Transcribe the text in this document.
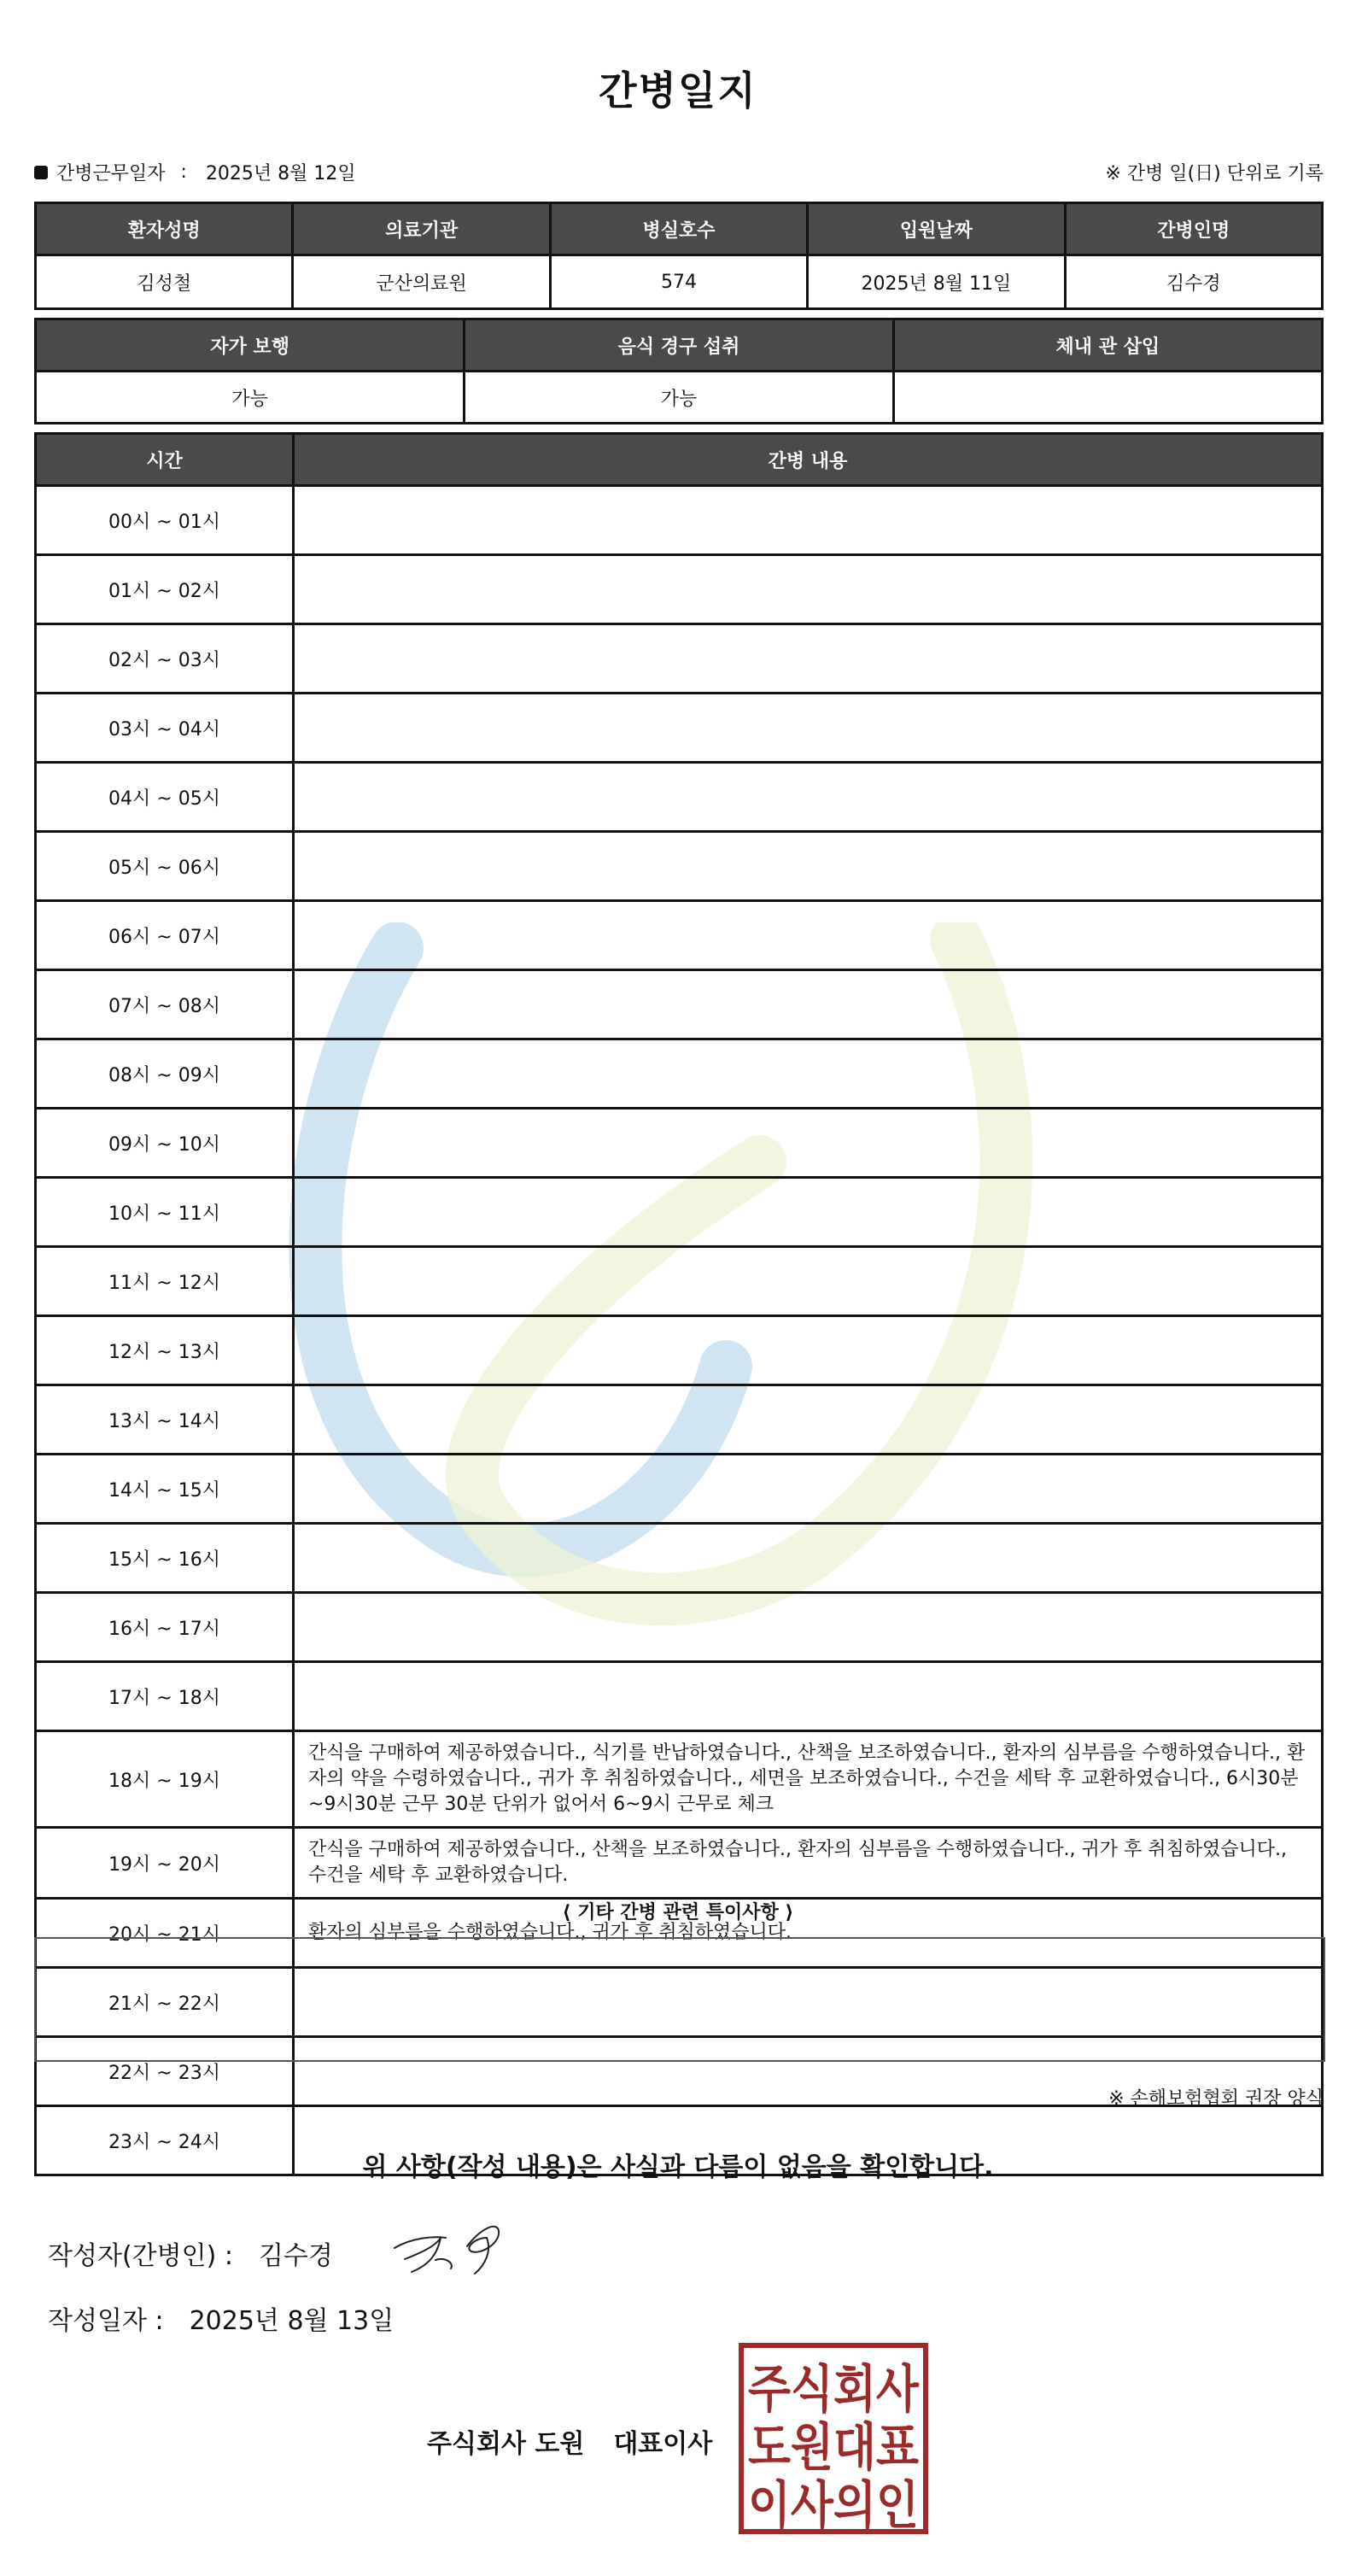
간병일지
간병근무일자 : 2025년 8월 12일	※ 간병 일(日) 단위로 기록
환자성명	의료기관	병실호수	입원날짜	간병인명
김성철	군산의료원	574	2025년 8월 11일	김수경
자가 보행	음식 경구 섭취	체내 관 삽입
가능	가능	
시간	간병 내용
00시 ~ 01시	
01시 ~ 02시	
02시 ~ 03시	
03시 ~ 04시	
04시 ~ 05시	
05시 ~ 06시	
06시 ~ 07시	
07시 ~ 08시	
08시 ~ 09시	
09시 ~ 10시	
10시 ~ 11시	
11시 ~ 12시	
12시 ~ 13시	
13시 ~ 14시	
14시 ~ 15시	
15시 ~ 16시	
16시 ~ 17시	
17시 ~ 18시	
18시 ~ 19시	간식을 구매하여 제공하였습니다., 식기를 반납하였습니다., 산책을 보조하였습니다., 환자의 심부름을 수행하였습니다., 환자의 약을 수령하였습니다., 귀가 후 취침하였습니다., 세면을 보조하였습니다., 수건을 세탁 후 교환하였습니다., 6시30분~9시30분 근무 30분 단위가 없어서 6~9시 근무로 체크
19시 ~ 20시	간식을 구매하여 제공하였습니다., 산책을 보조하였습니다., 환자의 심부름을 수행하였습니다., 귀가 후 취침하였습니다., 수건을 세탁 후 교환하였습니다.
20시 ~ 21시	환자의 심부름을 수행하였습니다., 귀가 후 취침하였습니다.
21시 ~ 22시	
22시 ~ 23시	
23시 ~ 24시	
⟨ 기타 간병 관련 특이사항 ⟩
※ 손해보험협회 권장 양식
위 사항(작성 내용)은 사실과 다름이 없음을 확인합니다.
작성자(간병인) : 김수경
작성일자 : 2025년 8월 13일
주식회사 도원 대표이사
주식회사
도원대표
이사의인
